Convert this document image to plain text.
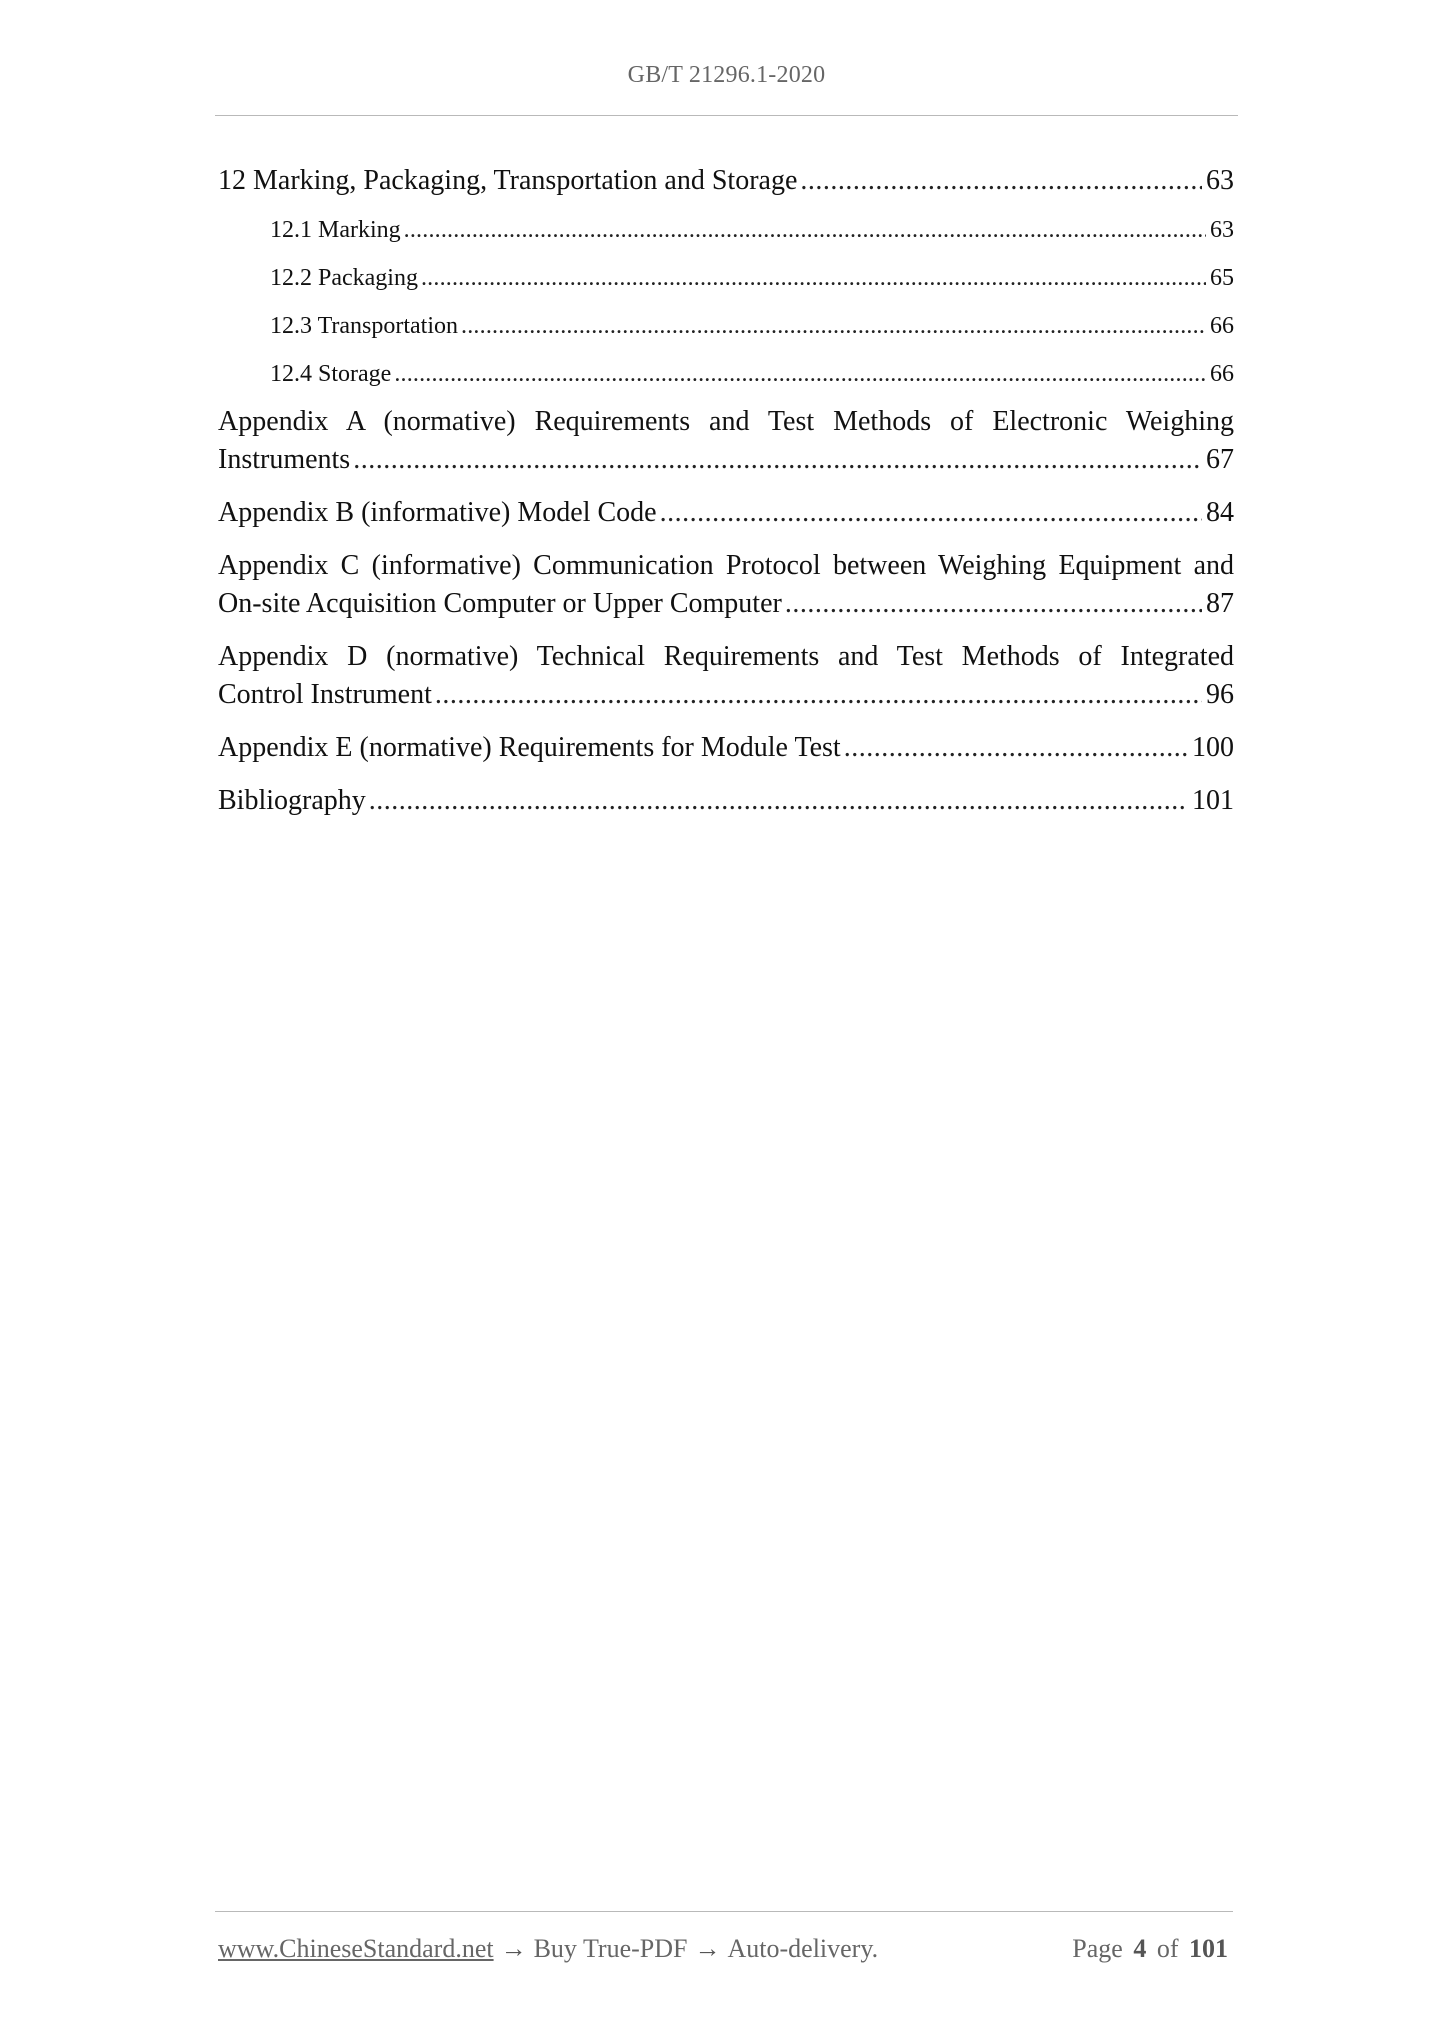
GB/T 21296.1-2020
12 Marking, Packaging, Transportation and Storage .....	63
12.1 Marking .....	63
12.2 Packaging .....	65
12.3 Transportation .....	66
12.4 Storage .....	66
Appendix A (normative) Requirements and Test Methods of Electronic Weighing
Instruments .....	67
Appendix B (informative) Model Code .....	84
Appendix C (informative) Communication Protocol between Weighing Equipment and
On-site Acquisition Computer or Upper Computer .....	87
Appendix D (normative) Technical Requirements and Test Methods of Integrated
Control Instrument .....	96
Appendix E (normative) Requirements for Module Test .....	100
Bibliography .....	101
www.ChineseStandard.net → Buy True-PDF → Auto-delivery.	Page 4 of 101
